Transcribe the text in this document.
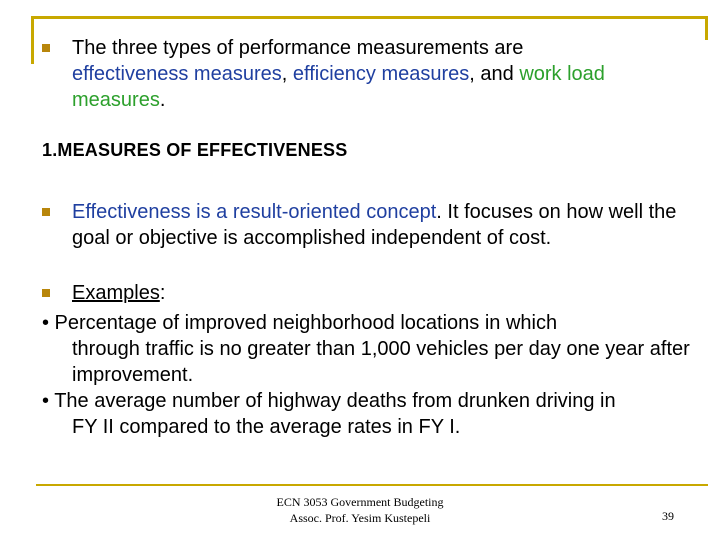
The three types of performance measurements are
effectiveness measures, efficiency measures, and work load measures.
1.MEASURES OF EFFECTIVENESS
Effectiveness is a result-oriented concept. It focuses on how well the goal or objective is accomplished independent of cost.
Examples:
• Percentage of improved neighborhood locations in which
through traffic is no greater than 1,000 vehicles per day one year after improvement.
• The average number of highway deaths from drunken driving in
FY II compared to the average rates in FY I.
ECN 3053 Government Budgeting
Assoc. Prof. Yesim Kustepeli	39
